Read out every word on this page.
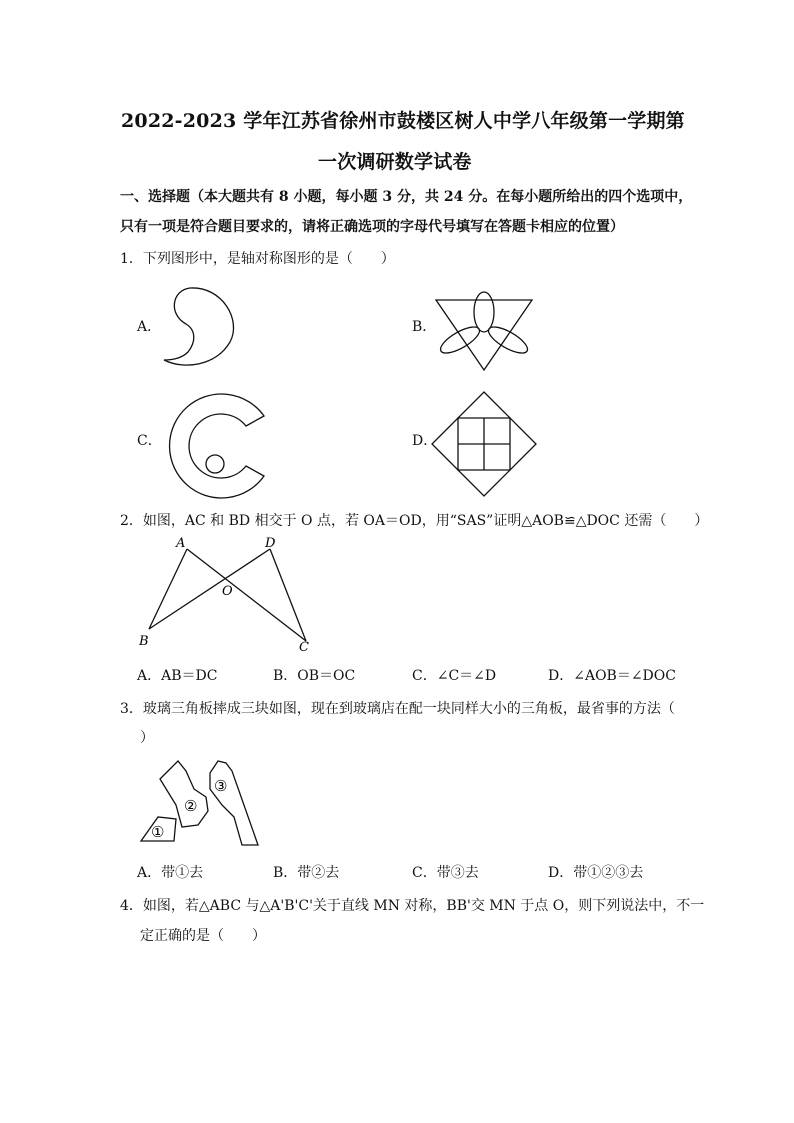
2022-2023 学年江苏省徐州市鼓楼区树人中学八年级第一学期第
一次调研数学试卷
一、选择题（本大题共有 8 小题，每小题 3 分，共 24 分。在每小题所给出的四个选项中，
只有一项是符合题目要求的，请将正确选项的字母代号填写在答题卡相应的位置）
1．下列图形中，是轴对称图形的是（　　）
A．	B．
C．	D．
2．如图，AC 和 BD 相交于 O 点，若 OA＝OD，用“SAS”证明△AOB≌△DOC 还需（　　）
A	D
O
B	C
A．AB＝DC	B．OB＝OC	C．∠C＝∠D	D．∠AOB＝∠DOC
3．玻璃三角板摔成三块如图，现在到玻璃店在配一块同样大小的三角板，最省事的方法（
）
①
②
③
A．带①去	B．带②去	C．带③去	D．带①②③去
4．如图，若△ABC 与△A'B'C'关于直线 MN 对称，BB'交 MN 于点 O，则下列说法中，不一
定正确的是（　　）
